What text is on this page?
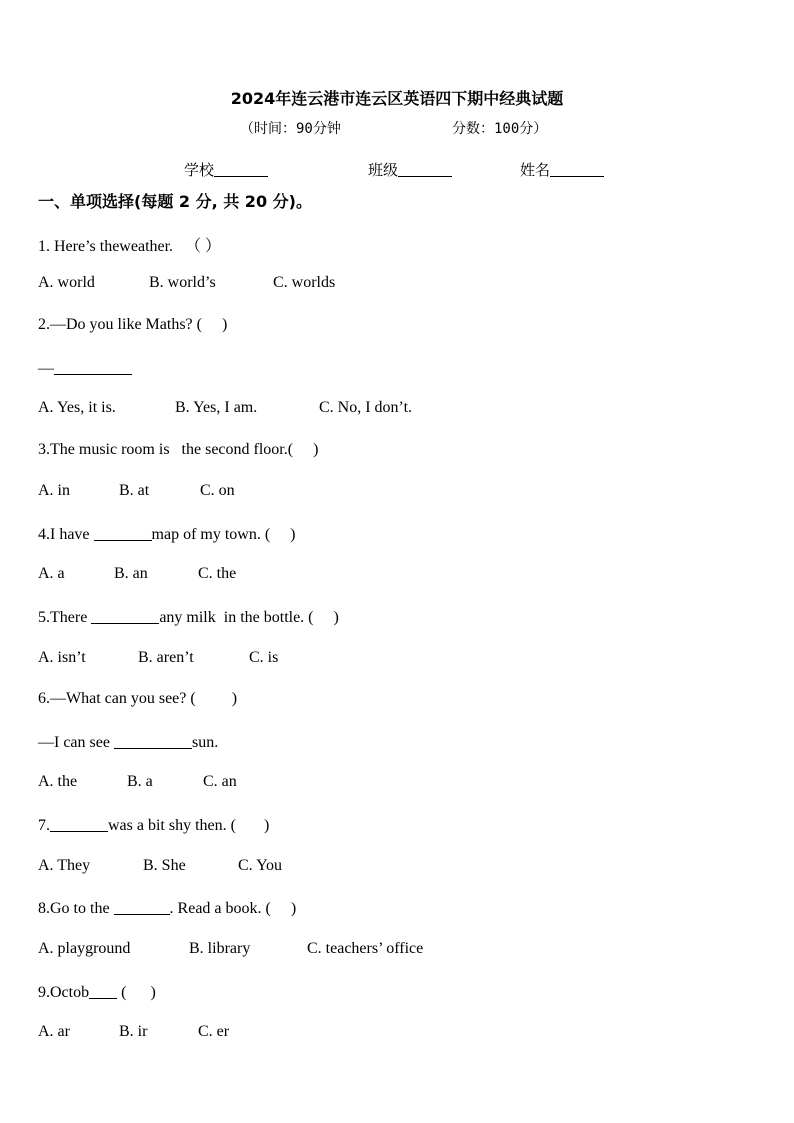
2024年连云港市连云区英语四下期中经典试题
（时间：90分钟	分数：100分）
学校	班级	姓名
一、单项选择(每题 2 分, 共 20 分)。
1. Here’s theweather.   （ ）
A. world	B. world’s	C. worlds
2.—Do you like Maths? (     )
—
A. Yes, it is.	B. Yes, I am.	C. No, I don’t.
3.The music room is   the second floor.(     )
A. in	B. at	C. on
4.I have	map of my town. (     )
A. a	B. an	C. the
5.There	any milk  in the bottle. (     )
A. isn’t	B. aren’t	C. is
6.—What can you see? (         )
—I can see	sun.
A. the	B. a	C. an
7.	was a bit shy then. (       )
A. They	B. She	C. You
8.Go to the	. Read a book. (     )
A. playground	B. library	C. teachers’ office
9.Octob (      )
A. ar	B. ir	C. er
